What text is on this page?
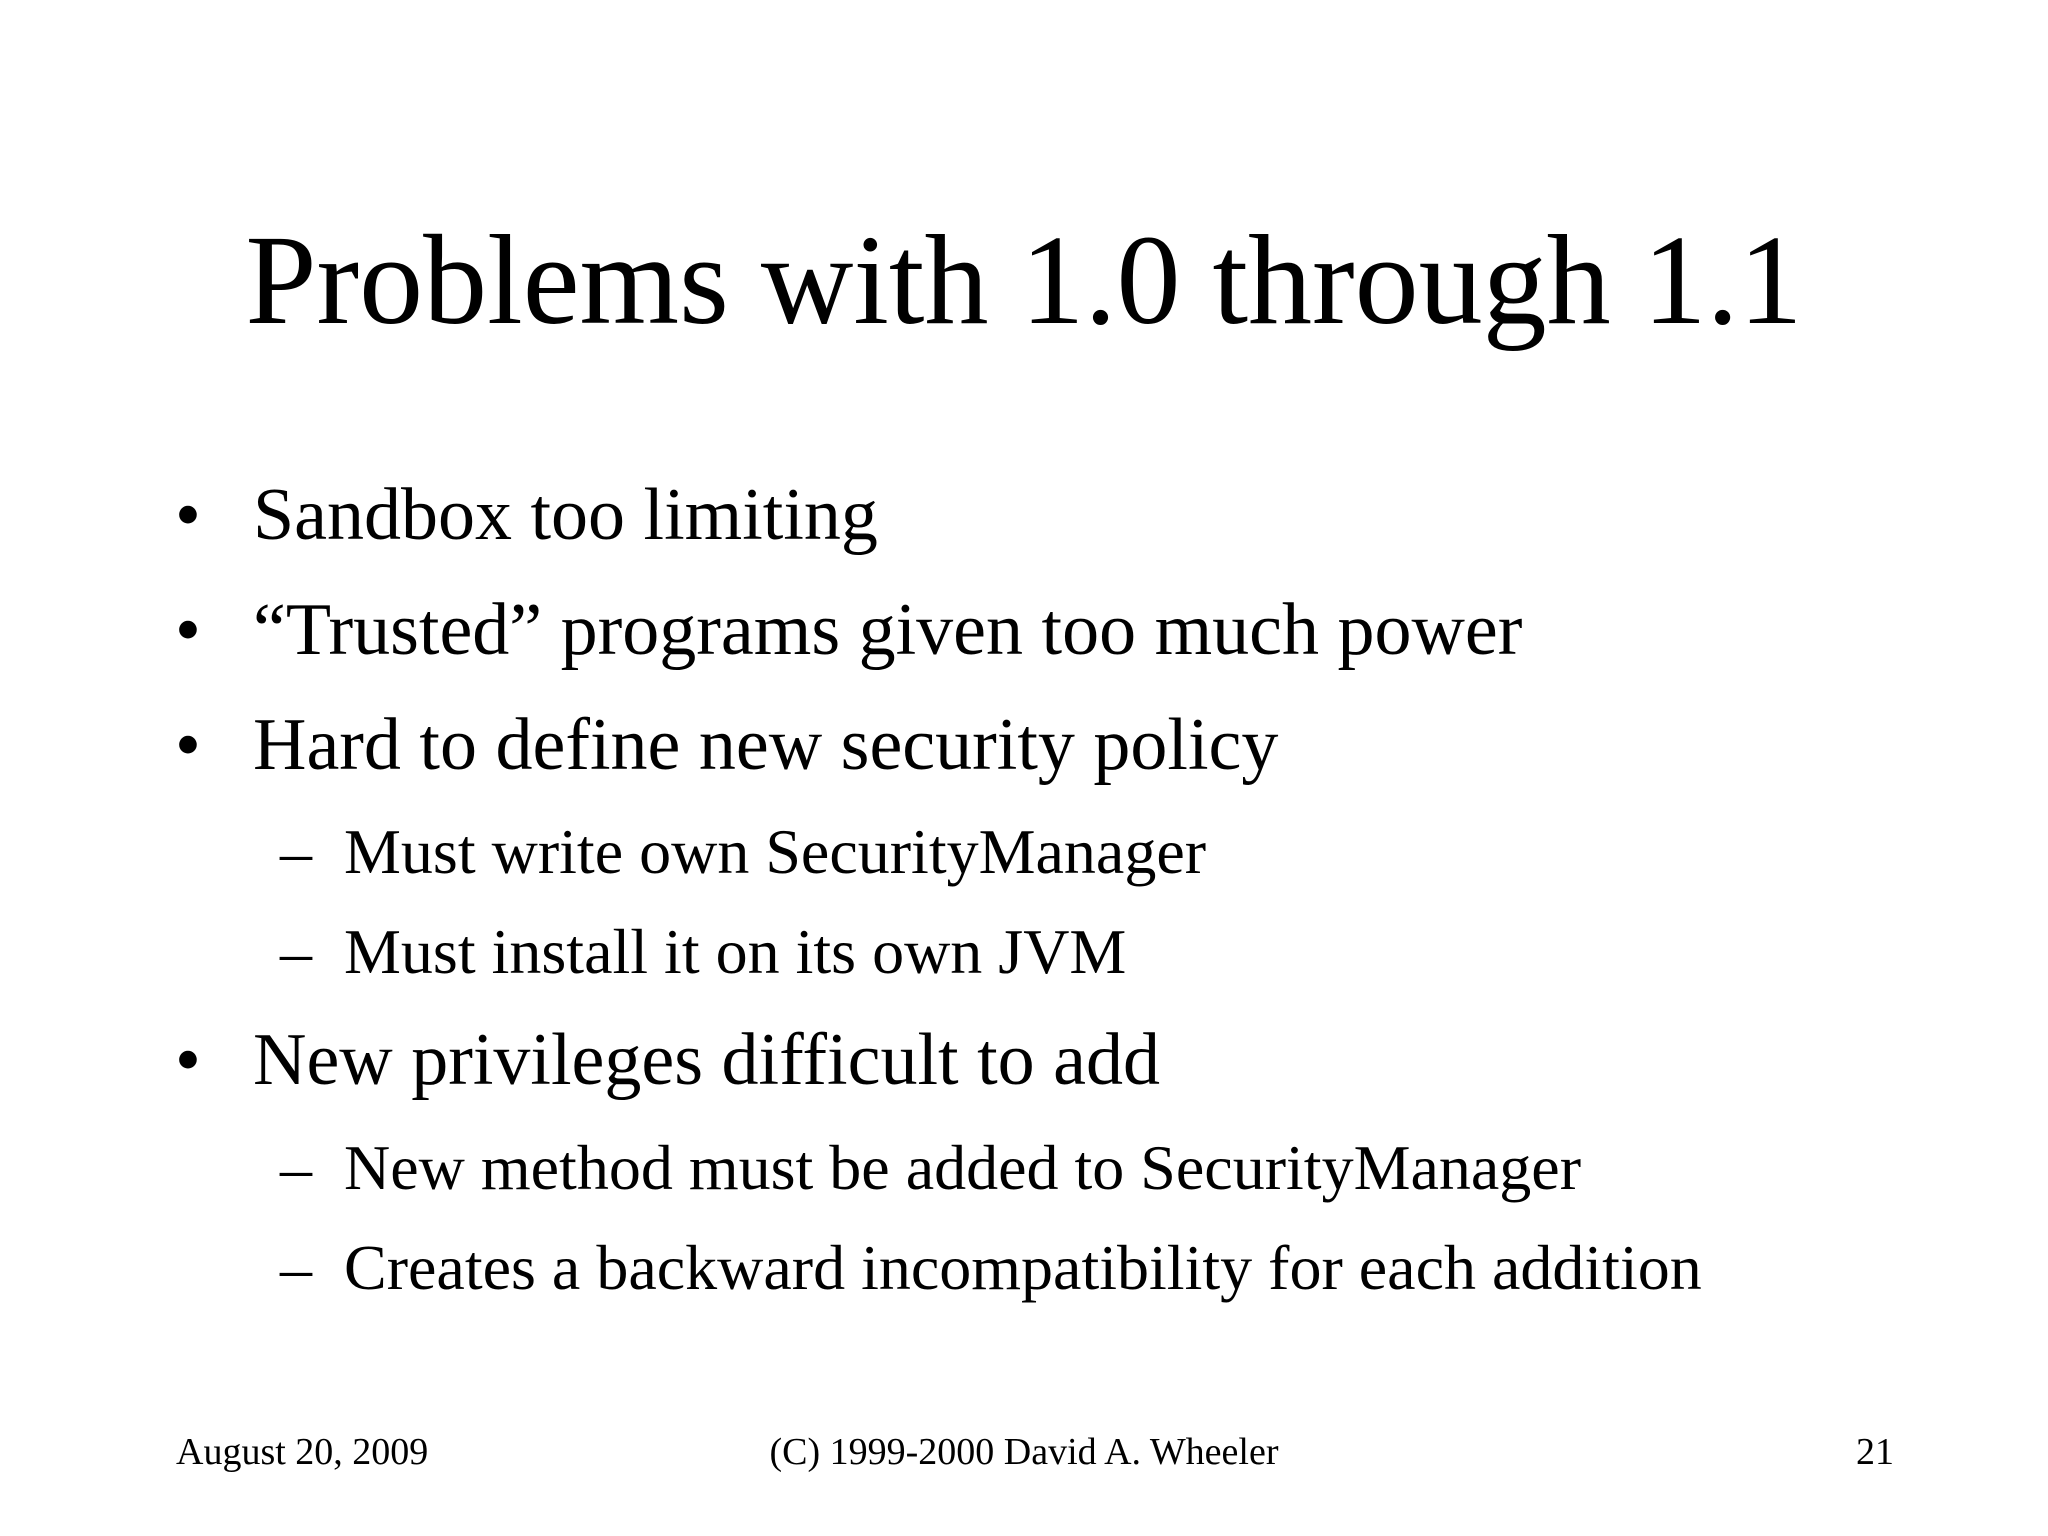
Problems with 1.0 through 1.1
• Sandbox too limiting
• “Trusted” programs given too much power
• Hard to define new security policy
– Must write own SecurityManager
– Must install it on its own JVM
• New privileges difficult to add
– New method must be added to SecurityManager
– Creates a backward incompatibility for each addition
August 20, 2009	(C) 1999-2000 David A. Wheeler	21
